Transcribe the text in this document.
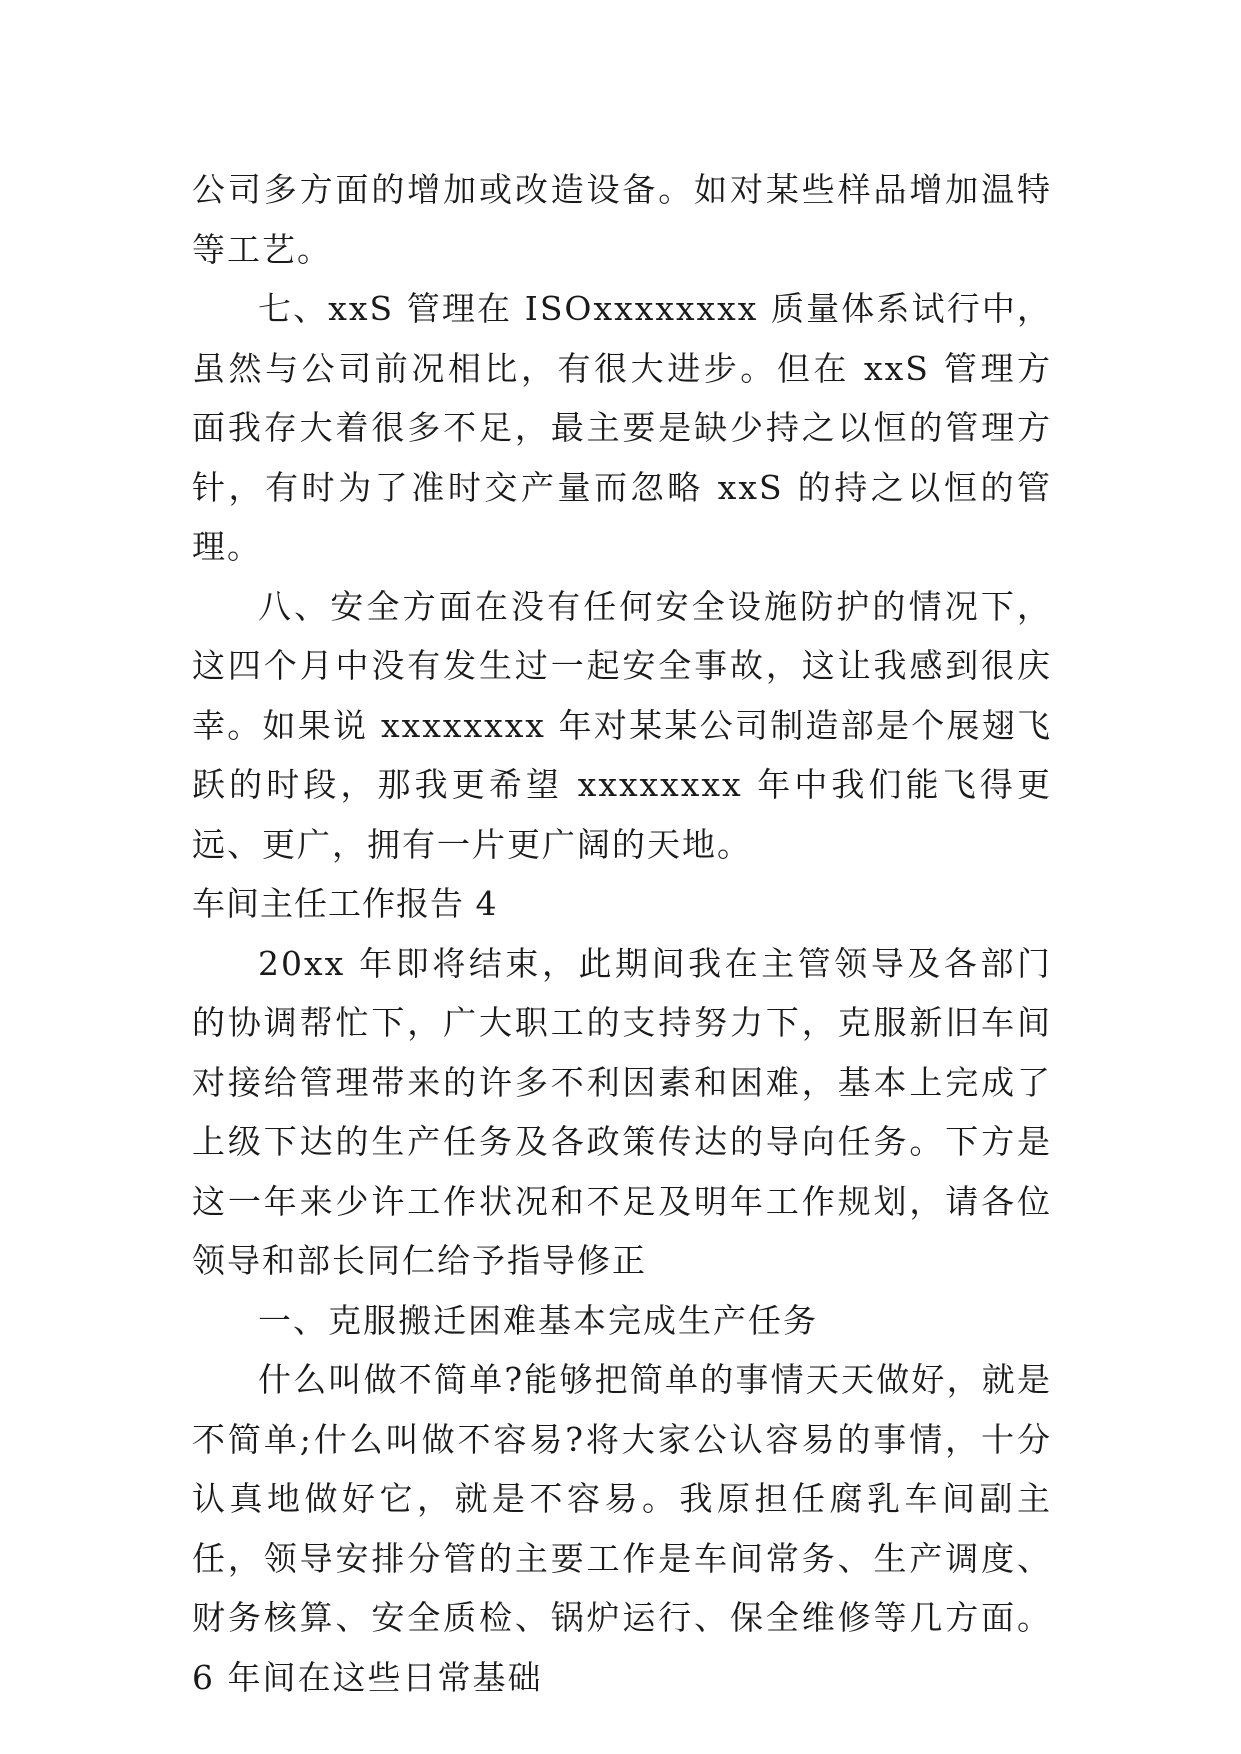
公司多方面的增加或改造设备。如对某些样品增加温特等工艺。

七、xxS 管理在 ISOxxxxxxxx 质量体系试行中，虽然与公司前况相比，有很大进步。但在 xxS 管理方面我存大着很多不足，最主要是缺少持之以恒的管理方针，有时为了准时交产量而忽略 xxS 的持之以恒的管理。

八、安全方面在没有任何安全设施防护的情况下，这四个月中没有发生过一起安全事故，这让我感到很庆幸。如果说 xxxxxxxx 年对某某公司制造部是个展翅飞跃的时段，那我更希望 xxxxxxxx 年中我们能飞得更远、更广，拥有一片更广阔的天地。

车间主任工作报告 4

20xx 年即将结束，此期间我在主管领导及各部门的协调帮忙下，广大职工的支持努力下，克服新旧车间对接给管理带来的许多不利因素和困难，基本上完成了上级下达的生产任务及各政策传达的导向任务。下方是这一年来少许工作状况和不足及明年工作规划，请各位领导和部长同仁给予指导修正

一、克服搬迁困难基本完成生产任务

什么叫做不简单?能够把简单的事情天天做好，就是不简单;什么叫做不容易?将大家公认容易的事情，十分认真地做好它，就是不容易。我原担任腐乳车间副主任，领导安排分管的主要工作是车间常务、生产调度、财务核算、安全质检、锅炉运行、保全维修等几方面。6 年间在这些日常基础
